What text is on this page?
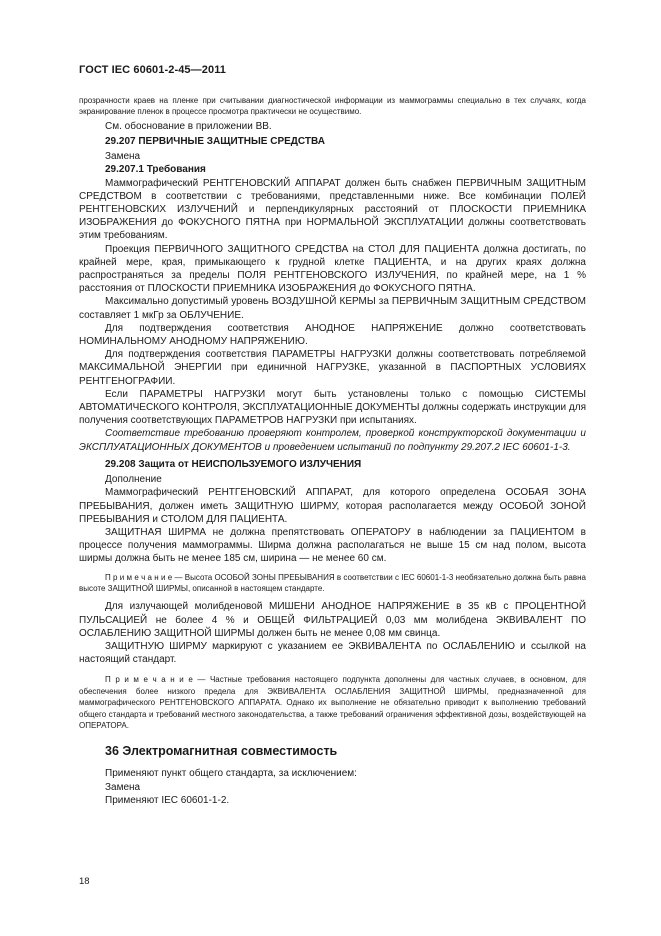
ГОСТ IEC 60601-2-45—2011

прозрачности краев на пленке при считывании диагностической информации из маммограммы специально в тех случаях, когда экранирование пленок в процессе просмотра практически не осуществимо.

См. обоснование в приложении ВВ.

29.207 ПЕРВИЧНЫЕ ЗАЩИТНЫЕ СРЕДСТВА

Замена

29.207.1 Требования

Маммографический РЕНТГЕНОВСКИЙ АППАРАТ должен быть снабжен ПЕРВИЧНЫМ ЗАЩИТНЫМ СРЕДСТВОМ в соответствии с требованиями, представленными ниже. Все комбинации ПОЛЕЙ РЕНТГЕНОВСКИХ ИЗЛУЧЕНИЙ и перпендикулярных расстояний от ПЛОСКОСТИ ПРИЕМНИКА ИЗОБРАЖЕНИЯ до ФОКУСНОГО ПЯТНА при НОРМАЛЬНОЙ ЭКСПЛУАТАЦИИ должны соответствовать этим требованиям.

Проекция ПЕРВИЧНОГО ЗАЩИТНОГО СРЕДСТВА на СТОЛ ДЛЯ ПАЦИЕНТА должна достигать, по крайней мере, края, примыкающего к грудной клетке ПАЦИЕНТА, и на других краях должна распространяться за пределы ПОЛЯ РЕНТГЕНОВСКОГО ИЗЛУЧЕНИЯ, по крайней мере, на 1 % расстояния от ПЛОСКОСТИ ПРИЕМНИКА ИЗОБРАЖЕНИЯ до ФОКУСНОГО ПЯТНА.

Максимально допустимый уровень ВОЗДУШНОЙ КЕРМЫ за ПЕРВИЧНЫМ ЗАЩИТНЫМ СРЕДСТВОМ составляет 1 мкГр за ОБЛУЧЕНИЕ.

Для подтверждения соответствия АНОДНОЕ НАПРЯЖЕНИЕ должно соответствовать НОМИНАЛЬНОМУ АНОДНОМУ НАПРЯЖЕНИЮ.

Для подтверждения соответствия ПАРАМЕТРЫ НАГРУЗКИ должны соответствовать потребляемой МАКСИМАЛЬНОЙ ЭНЕРГИИ при единичной НАГРУЗКЕ, указанной в ПАСПОРТНЫХ УСЛОВИЯХ РЕНТГЕНОГРАФИИ.

Если ПАРАМЕТРЫ НАГРУЗКИ могут быть установлены только с помощью СИСТЕМЫ АВТОМАТИЧЕСКОГО КОНТРОЛЯ, ЭКСПЛУАТАЦИОННЫЕ ДОКУМЕНТЫ должны содержать инструкции для получения соответствующих ПАРАМЕТРОВ НАГРУЗКИ при испытаниях.

Соответствие требованию проверяют контролем, проверкой конструкторской документации и ЭКСПЛУАТАЦИОННЫХ ДОКУМЕНТОВ и проведением испытаний по подпункту 29.207.2 IEC 60601-1-3.

29.208 Защита от НЕИСПОЛЬЗУЕМОГО ИЗЛУЧЕНИЯ

Дополнение

Маммографический РЕНТГЕНОВСКИЙ АППАРАТ, для которого определена ОСОБАЯ ЗОНА ПРЕБЫВАНИЯ, должен иметь ЗАЩИТНУЮ ШИРМУ, которая располагается между ОСОБОЙ ЗОНОЙ ПРЕБЫВАНИЯ и СТОЛОМ ДЛЯ ПАЦИЕНТА.

ЗАЩИТНАЯ ШИРМА не должна препятствовать ОПЕРАТОРУ в наблюдении за ПАЦИЕНТОМ в процессе получения маммограммы. Ширма должна располагаться не выше 15 см над полом, высота ширмы должна быть не менее 185 см, ширина — не менее 60 см.

П р и м е ч а н и е — Высота ОСОБОЙ ЗОНЫ ПРЕБЫВАНИЯ в соответствии с IEC 60601-1-3 необязательно должна быть равна высоте ЗАЩИТНОЙ ШИРМЫ, описанной в настоящем стандарте.

Для излучающей молибденовой МИШЕНИ АНОДНОЕ НАПРЯЖЕНИЕ в 35 кВ с ПРОЦЕНТНОЙ ПУЛЬСАЦИЕЙ не более 4 % и ОБЩЕЙ ФИЛЬТРАЦИЕЙ 0,03 мм молибдена ЭКВИВАЛЕНТ ПО ОСЛАБЛЕНИЮ ЗАЩИТНОЙ ШИРМЫ должен быть не менее 0,08 мм свинца.

ЗАЩИТНУЮ ШИРМУ маркируют с указанием ее ЭКВИВАЛЕНТА по ОСЛАБЛЕНИЮ и ссылкой на настоящий стандарт.

П р и м е ч а н и е — Частные требования настоящего подпункта дополнены для частных случаев, в основном, для обеспечения более низкого предела для ЭКВИВАЛЕНТА ОСЛАБЛЕНИЯ ЗАЩИТНОЙ ШИРМЫ, предназначенной для маммографического РЕНТГЕНОВСКОГО АППАРАТА. Однако их выполнение не обязательно приводит к выполнению требований общего стандарта и требований местного законодательства, а также требований ограничения эффективной дозы, воздействующей на ОПЕРАТОРА.

36 Электромагнитная совместимость

Применяют пункт общего стандарта, за исключением:

Замена

Применяют IEC 60601-1-2.

18
